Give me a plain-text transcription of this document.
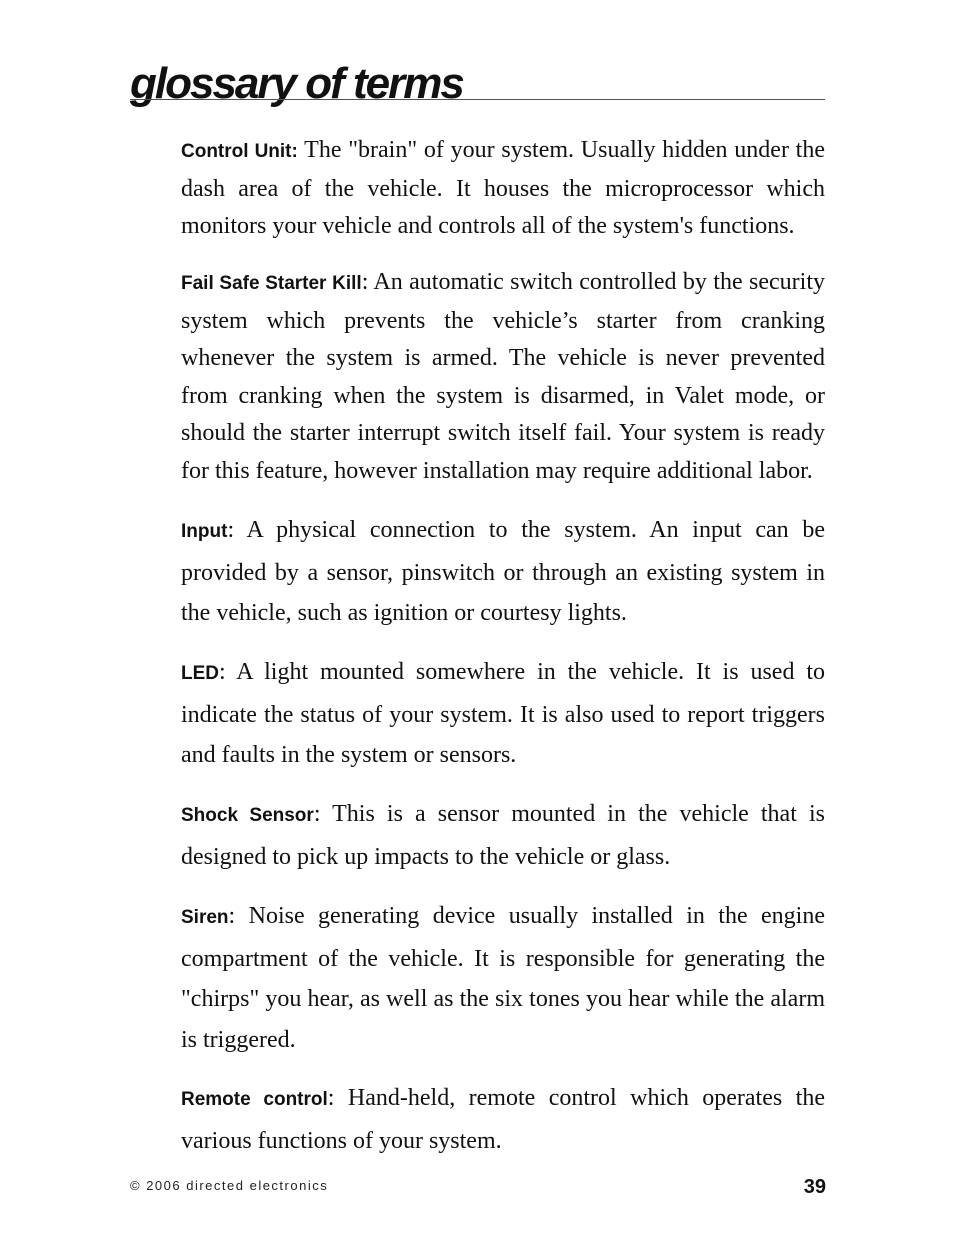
glossary of terms

Control Unit: The "brain" of your system. Usually hidden under the dash area of the vehicle. It houses the microprocessor which monitors your vehicle and controls all of the system's functions.

Fail Safe Starter Kill: An automatic switch controlled by the security system which prevents the vehicle’s starter from cranking whenever the system is armed. The vehicle is never prevented from cranking when the system is disarmed, in Valet mode, or should the starter interrupt switch itself fail. Your system is ready for this feature, however installation may require additional labor.

Input: A physical connection to the system. An input can be provided by a sensor, pinswitch or through an existing system in the vehicle, such as ignition or courtesy lights.

LED: A light mounted somewhere in the vehicle. It is used to indicate the status of your system. It is also used to report triggers and faults in the system or sensors.

Shock Sensor: This is a sensor mounted in the vehicle that is designed to pick up impacts to the vehicle or glass.

Siren: Noise generating device usually installed in the engine compartment of the vehicle. It is responsible for generating the "chirps" you hear, as well as the six tones you hear while the alarm is triggered.

Remote control: Hand-held, remote control which operates the various functions of your system.

© 2006 directed electronics	39
